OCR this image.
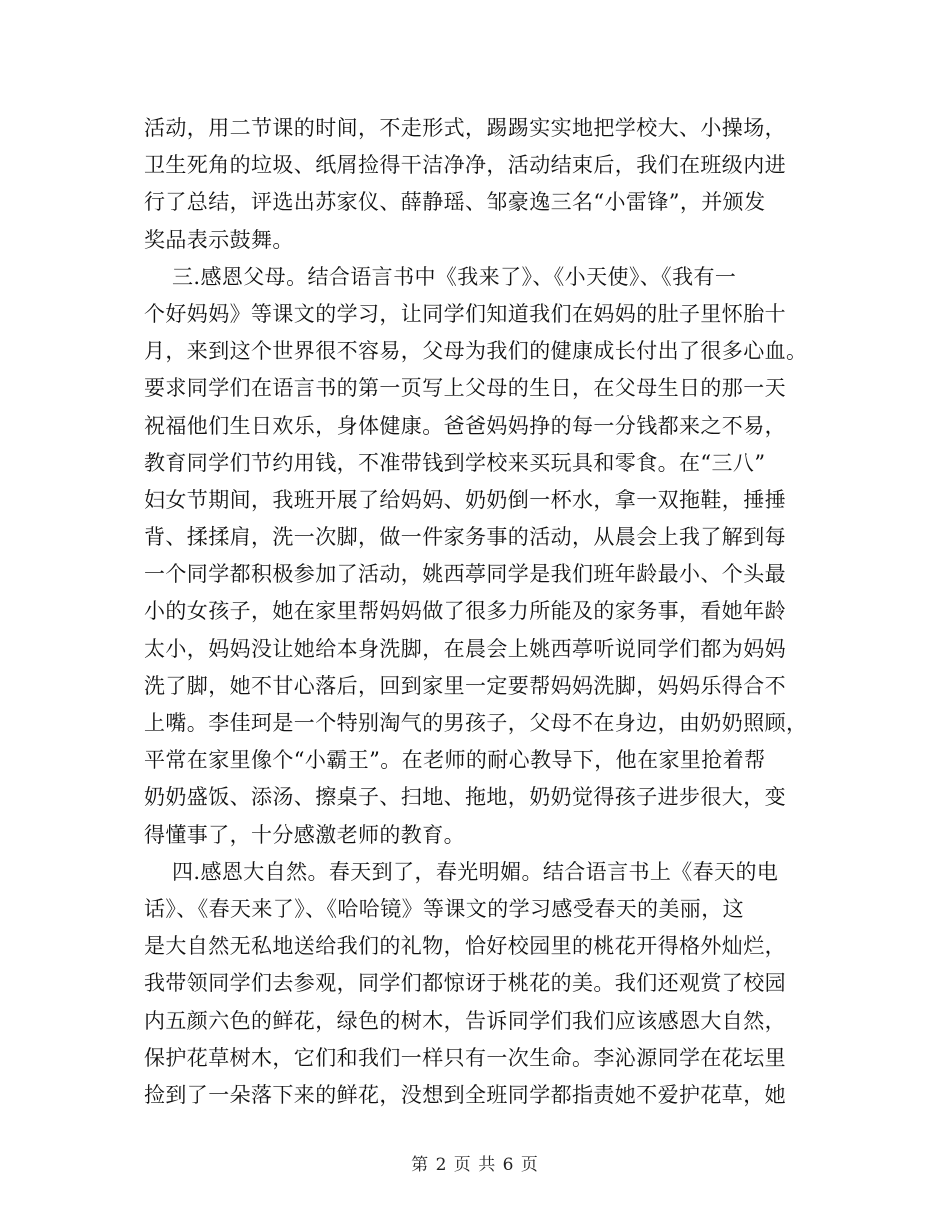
活动，用二节课的时间，不走形式，踢踢实实地把学校大、小操场，
卫生死角的垃圾、纸屑捡得干洁净净，活动结束后，我们在班级内进
行了总结，评选出苏家仪、薛静瑶、邹豪逸三名“小雷锋”，并颁发
奖品表示鼓舞。
三.感恩父母。结合语言书中《我来了》、《小天使》、《我有一
个好妈妈》等课文的学习，让同学们知道我们在妈妈的肚子里怀胎十
月，来到这个世界很不容易，父母为我们的健康成长付出了很多心血。
要求同学们在语言书的第一页写上父母的生日，在父母生日的那一天
祝福他们生日欢乐，身体健康。爸爸妈妈挣的每一分钱都来之不易，
教育同学们节约用钱，不准带钱到学校来买玩具和零食。在“三八”
妇女节期间，我班开展了给妈妈、奶奶倒一杯水，拿一双拖鞋，捶捶
背、揉揉肩，洗一次脚，做一件家务事的活动，从晨会上我了解到每
一个同学都积极参加了活动，姚西葶同学是我们班年龄最小、个头最
小的女孩子，她在家里帮妈妈做了很多力所能及的家务事，看她年龄
太小，妈妈没让她给本身洗脚，在晨会上姚西葶听说同学们都为妈妈
洗了脚，她不甘心落后，回到家里一定要帮妈妈洗脚，妈妈乐得合不
上嘴。李佳珂是一个特别淘气的男孩子，父母不在身边，由奶奶照顾，
平常在家里像个“小霸王”。在老师的耐心教导下，他在家里抢着帮
奶奶盛饭、添汤、擦桌子、扫地、拖地，奶奶觉得孩子进步很大，变
得懂事了，十分感激老师的教育。
四.感恩大自然。春天到了，春光明媚。结合语言书上《春天的电
话》、《春天来了》、《哈哈镜》等课文的学习感受春天的美丽，这
是大自然无私地送给我们的礼物，恰好校园里的桃花开得格外灿烂，
我带领同学们去参观，同学们都惊讶于桃花的美。我们还观赏了校园
内五颜六色的鲜花，绿色的树木，告诉同学们我们应该感恩大自然，
保护花草树木，它们和我们一样只有一次生命。李沁源同学在花坛里
捡到了一朵落下来的鲜花，没想到全班同学都指责她不爱护花草，她
第 2 页 共 6 页
